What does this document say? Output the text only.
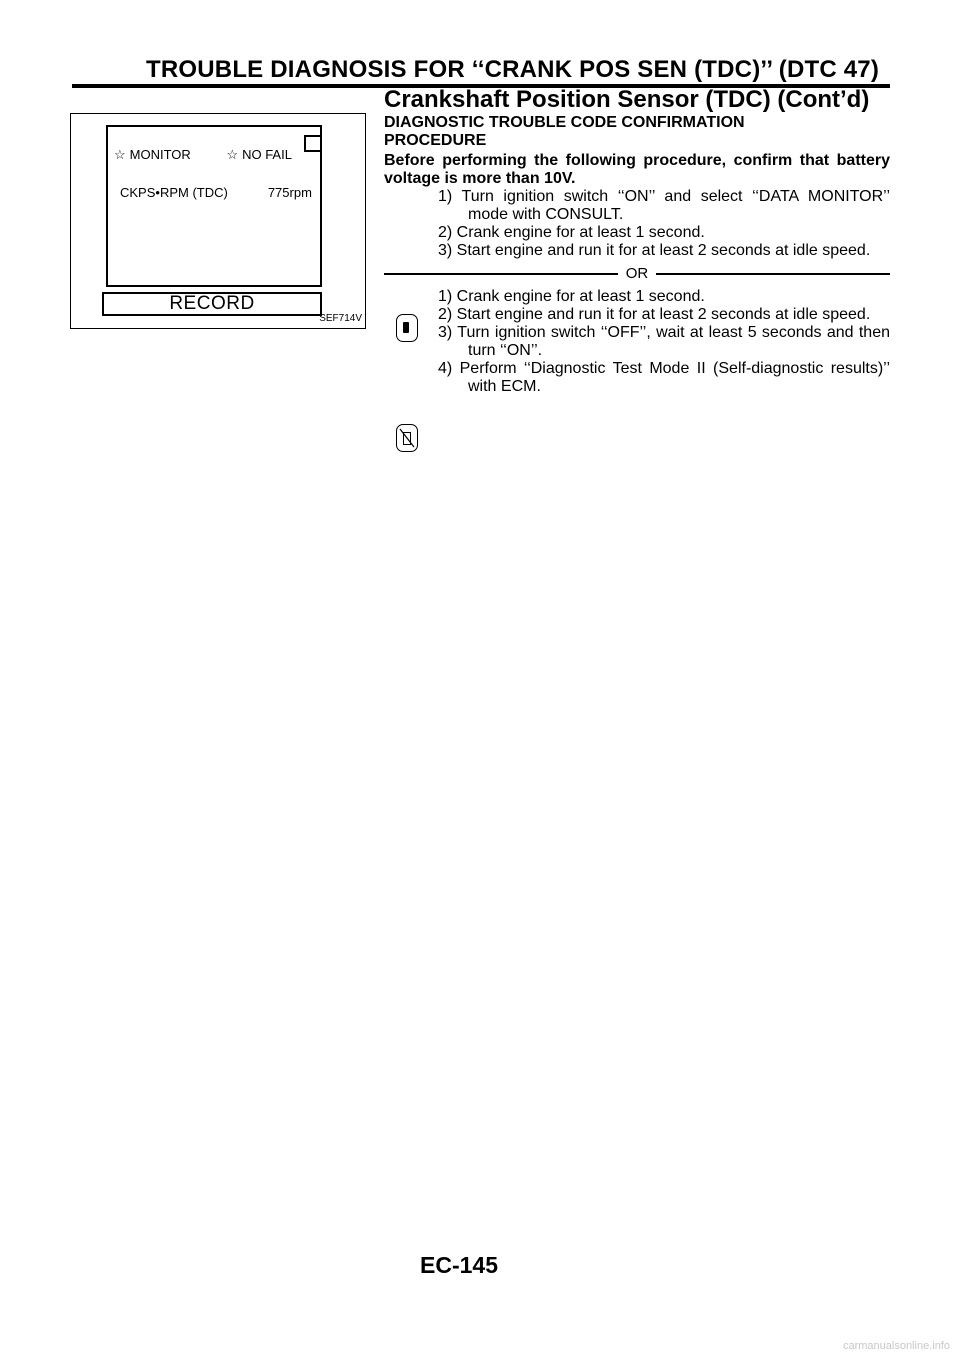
TROUBLE DIAGNOSIS FOR ‘‘CRANK POS SEN (TDC)’’ (DTC 47)
Crankshaft Position Sensor (TDC) (Cont’d)
☆ MONITOR	☆ NO FAIL
CKPS•RPM (TDC)	775rpm
RECORD
SEF714V

DIAGNOSTIC TROUBLE CODE CONFIRMATION
PROCEDURE

Before performing the following procedure, confirm that battery voltage is more than 10V.

1) Turn ignition switch ‘‘ON’’ and select ‘‘DATA MONITOR’’ mode with CONSULT.
2) Crank engine for at least 1 second.
3) Start engine and run it for at least 2 seconds at idle speed.
OR
1) Crank engine for at least 1 second.
2) Start engine and run it for at least 2 seconds at idle speed.
3) Turn ignition switch ‘‘OFF’’, wait at least 5 seconds and then turn ‘‘ON’’.
4) Perform ‘‘Diagnostic Test Mode II (Self-diagnostic results)’’ with ECM.
EC-145
carmanualsonline.info
